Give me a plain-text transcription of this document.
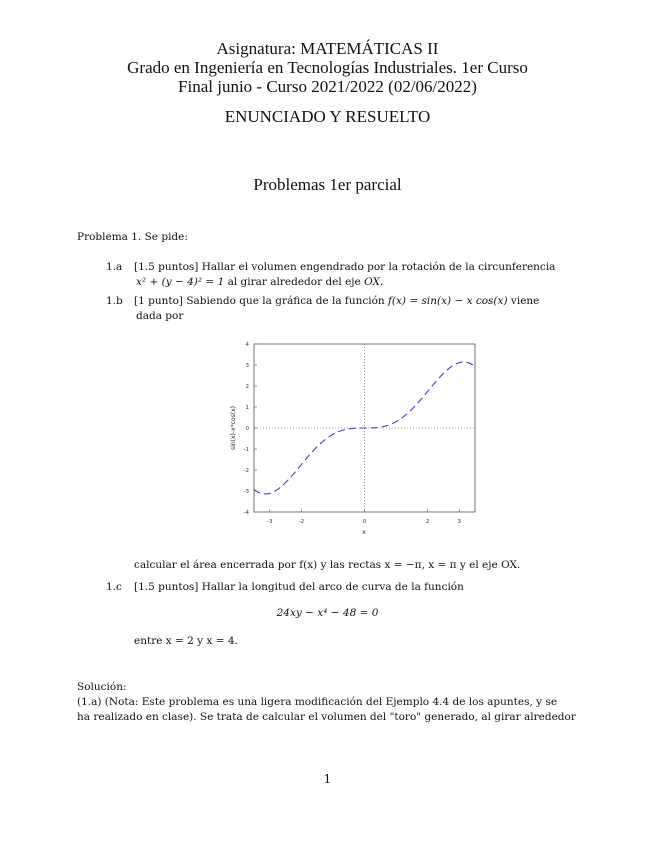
Asignatura: MATEMÁTICAS II
Grado en Ingeniería en Tecnologías Industriales. 1er Curso
Final junio - Curso 2021/2022 (02/06/2022)
ENUNCIADO Y RESUELTO
Problemas 1er parcial
Problema 1. Se pide:
1.a [1.5 puntos] Hallar el volumen engendrado por la rotación de la circunferencia
x² + (y − 4)² = 1 al girar alrededor del eje OX.
1.b [1 punto] Sabiendo que la gráfica de la función f(x) = sin(x) − x cos(x) viene
dada por
-3	-2	0	2	3
-4
-3
-2
-1
0
1
2
3
4
x
sin(x)-x*cos(x)
calcular el área encerrada por f(x) y las rectas x = −π, x = π y el eje OX.
1.c [1.5 puntos] Hallar la longitud del arco de curva de la función
24xy − x⁴ − 48 = 0
entre x = 2 y x = 4.
Solución:
(1.a) (Nota: Este problema es una ligera modificación del Ejemplo 4.4 de los apuntes, y se
ha realizado en clase). Se trata de calcular el volumen del "toro" generado, al girar alrededor
1
